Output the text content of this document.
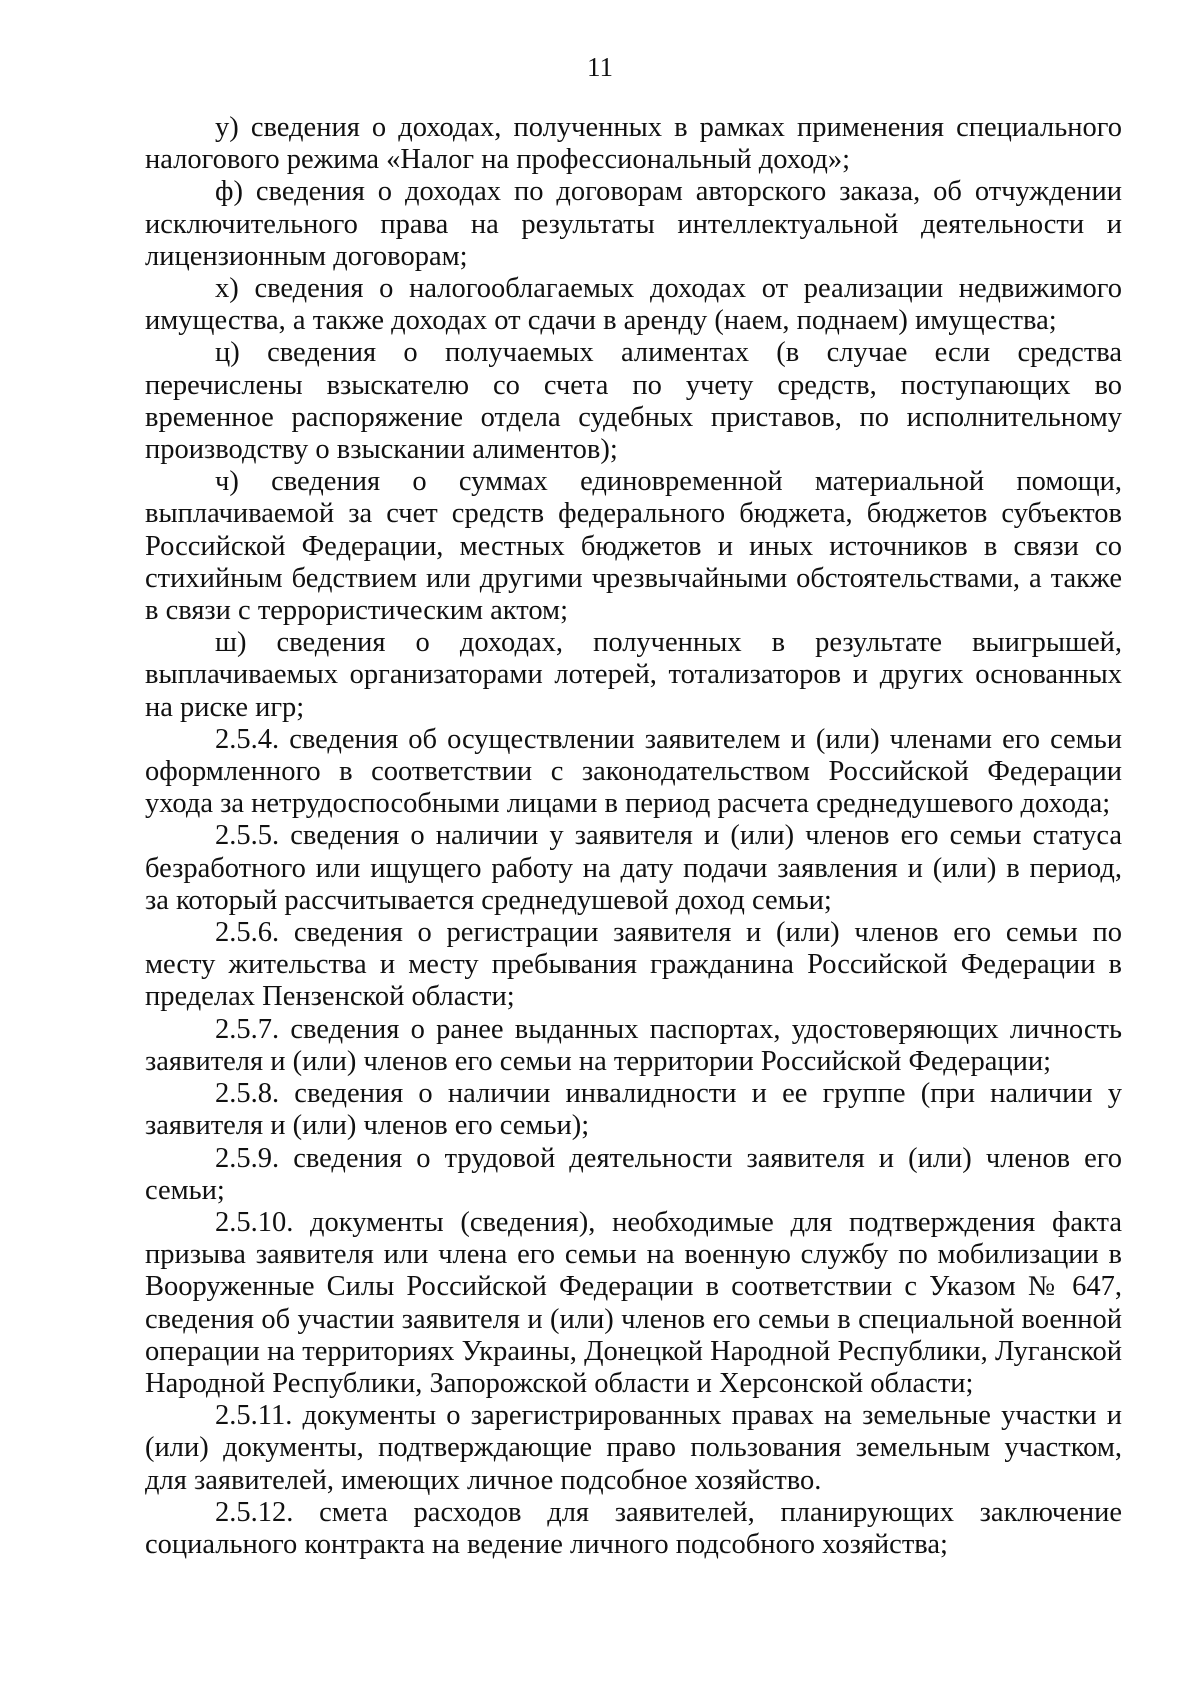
11

у) сведения о доходах, полученных в рамках применения специального налогового режима «Налог на профессиональный доход»;

ф) сведения о доходах по договорам авторского заказа, об отчуждении исключительного права на результаты интеллектуальной деятельности и лицензионным договорам;

х) сведения о налогооблагаемых доходах от реализации недвижимого имущества, а также доходах от сдачи в аренду (наем, поднаем) имущества;

ц) сведения о получаемых алиментах (в случае если средства перечислены взыскателю со счета по учету средств, поступающих во временное распоряжение отдела судебных приставов, по исполнительному производству о взыскании алиментов);

ч) сведения о суммах единовременной материальной помощи, выплачиваемой за счет средств федерального бюджета, бюджетов субъектов Российской Федерации, местных бюджетов и иных источников в связи со стихийным бедствием или другими чрезвычайными обстоятельствами, а также в связи с террористическим актом;

ш) сведения о доходах, полученных в результате выигрышей, выплачиваемых организаторами лотерей, тотализаторов и других основанных на риске игр;

2.5.4. сведения об осуществлении заявителем и (или) членами его семьи оформленного в соответствии с законодательством Российской Федерации ухода за нетрудоспособными лицами в период расчета среднедушевого дохода;

2.5.5. сведения о наличии у заявителя и (или) членов его семьи статуса безработного или ищущего работу на дату подачи заявления и (или) в период, за который рассчитывается среднедушевой доход семьи;

2.5.6. сведения о регистрации заявителя и (или) членов его семьи по месту жительства и месту пребывания гражданина Российской Федерации в пределах Пензенской области;

2.5.7. сведения о ранее выданных паспортах, удостоверяющих личность заявителя и (или) членов его семьи на территории Российской Федерации;

2.5.8. сведения о наличии инвалидности и ее группе (при наличии у заявителя и (или) членов его семьи);

2.5.9. сведения о трудовой деятельности заявителя и (или) членов его семьи;

2.5.10. документы (сведения), необходимые для подтверждения факта призыва заявителя или члена его семьи на военную службу по мобилизации в Вооруженные Силы Российской Федерации в соответствии с Указом № 647, сведения об участии заявителя и (или) членов его семьи в специальной военной операции на территориях Украины, Донецкой Народной Республики, Луганской Народной Республики, Запорожской области и Херсонской области;

2.5.11. документы о зарегистрированных правах на земельные участки и (или) документы, подтверждающие право пользования земельным участком, для заявителей, имеющих личное подсобное хозяйство.

2.5.12. смета расходов для заявителей, планирующих заключение социального контракта на ведение личного подсобного хозяйства;
